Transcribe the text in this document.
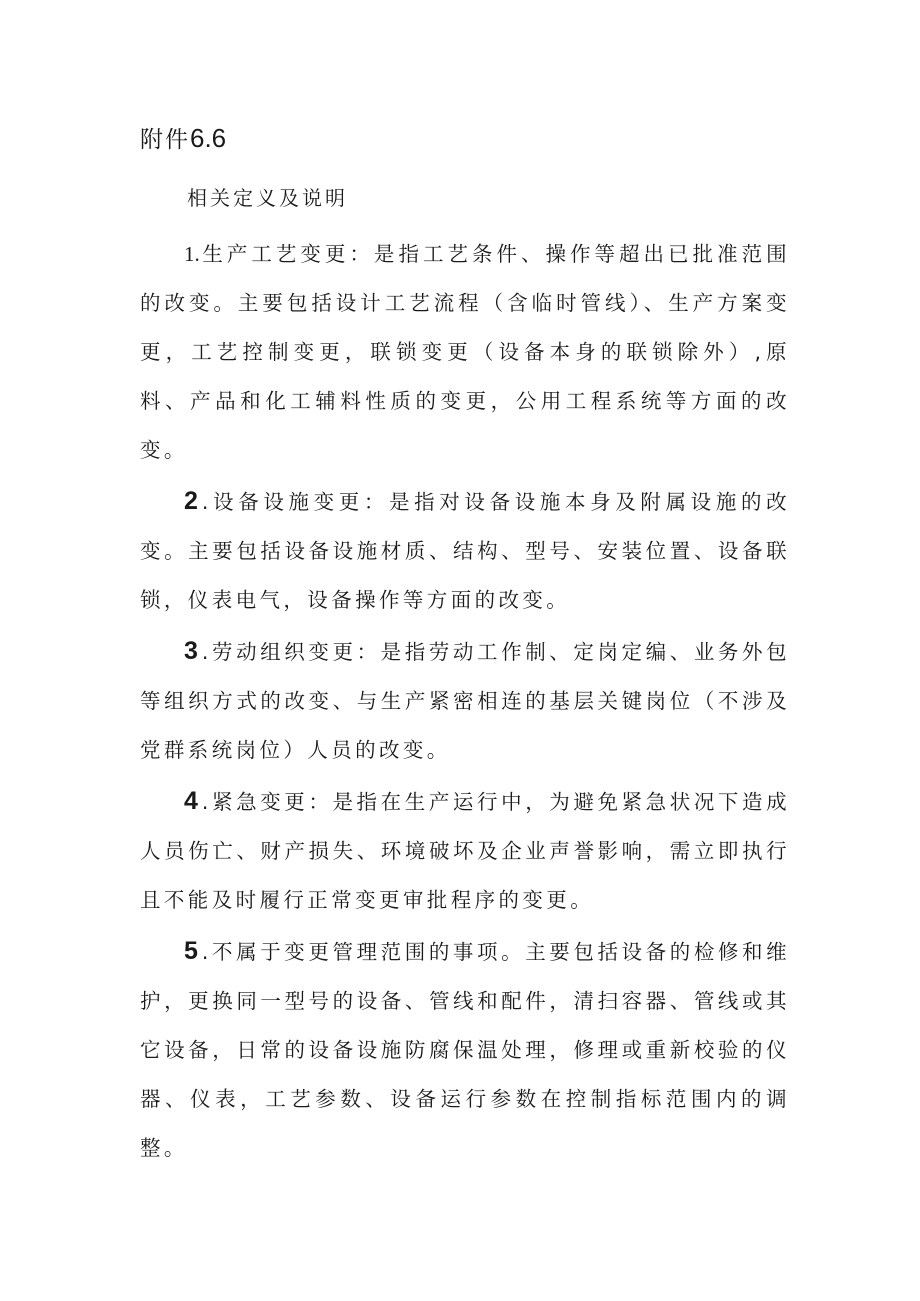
附件6.6
相关定义及说明

1.生产工艺变更：是指工艺条件、操作等超出已批准范围的改变。主要包括设计工艺流程（含临时管线）、生产方案变更，工艺控制变更，联锁变更（设备本身的联锁除外）,原料、产品和化工辅料性质的变更，公用工程系统等方面的改变。

2 .设备设施变更：是指对设备设施本身及附属设施的改变。主要包括设备设施材质、结构、型号、安装位置、设备联锁，仪表电气，设备操作等方面的改变。

3 .劳动组织变更：是指劳动工作制、定岗定编、业务外包等组织方式的改变、与生产紧密相连的基层关键岗位（不涉及党群系统岗位）人员的改变。

4 .紧急变更：是指在生产运行中，为避免紧急状况下造成人员伤亡、财产损失、环境破坏及企业声誉影响，需立即执行且不能及时履行正常变更审批程序的变更。

5 .不属于变更管理范围的事项。主要包括设备的检修和维护，更换同一型号的设备、管线和配件，清扫容器、管线或其它设备，日常的设备设施防腐保温处理，修理或重新校验的仪器、仪表，工艺参数、设备运行参数在控制指标范围内的调整。
